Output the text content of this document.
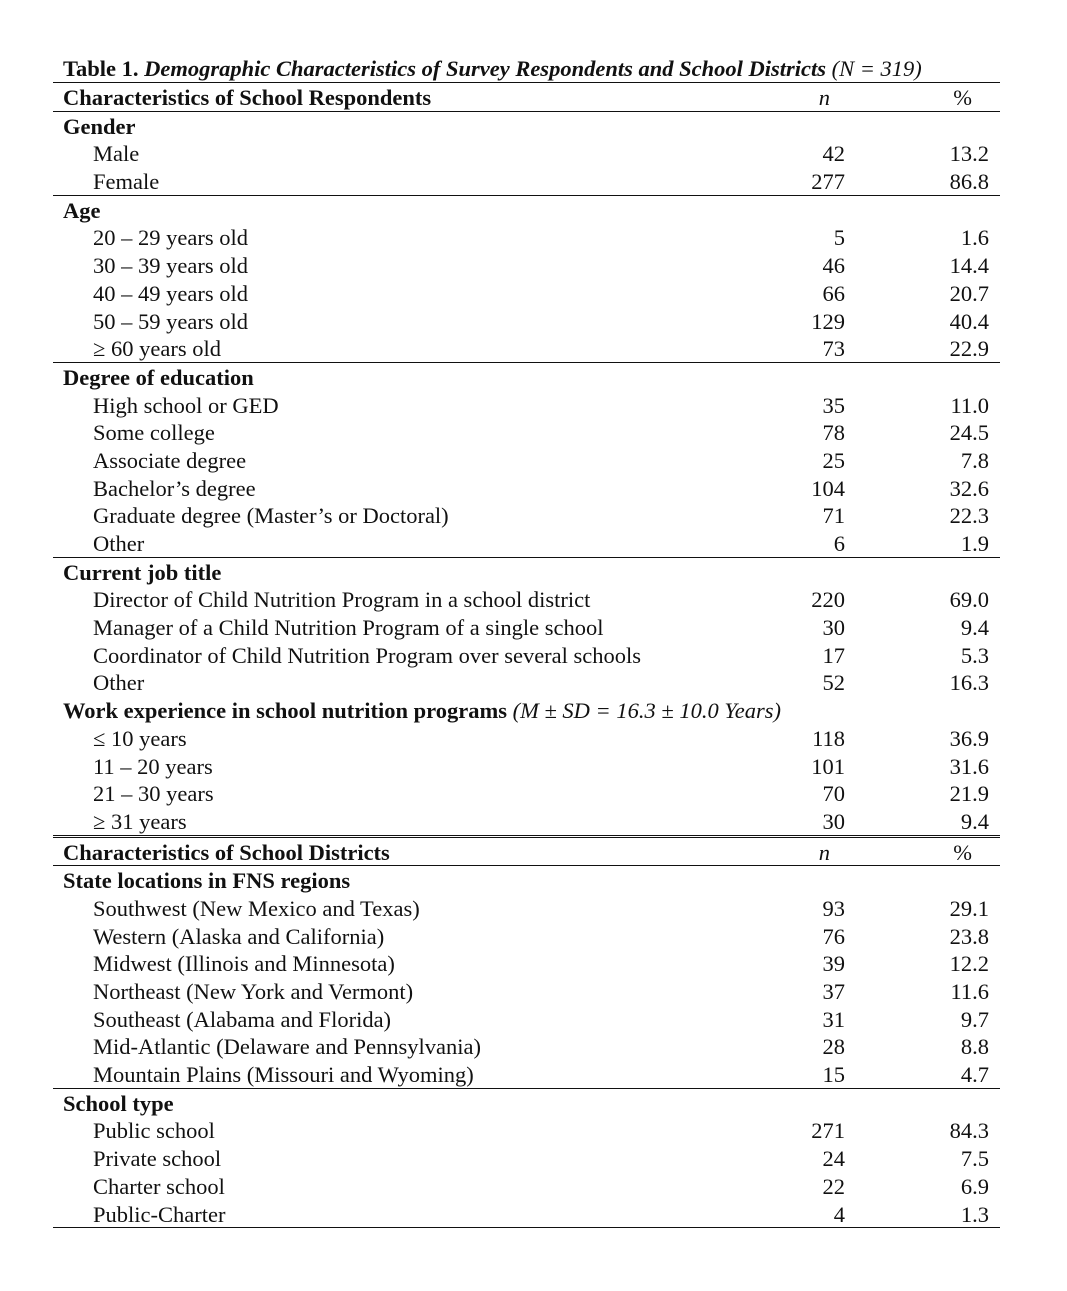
Table 1. Demographic Characteristics of Survey Respondents and School Districts (N = 319)
Characteristics of School Respondents	n	%
Gender
Male	42	13.2
Female	277	86.8
Age
20 – 29 years old	5	1.6
30 – 39 years old	46	14.4
40 – 49 years old	66	20.7
50 – 59 years old	129	40.4
≥ 60 years old	73	22.9
Degree of education
High school or GED	35	11.0
Some college	78	24.5
Associate degree	25	7.8
Bachelor’s degree	104	32.6
Graduate degree (Master’s or Doctoral)	71	22.3
Other	6	1.9
Current job title
Director of Child Nutrition Program in a school district	220	69.0
Manager of a Child Nutrition Program of a single school	30	9.4
Coordinator of Child Nutrition Program over several schools	17	5.3
Other	52	16.3
Work experience in school nutrition programs (M ± SD = 16.3 ± 10.0 Years)
≤ 10 years	118	36.9
11 – 20 years	101	31.6
21 – 30 years	70	21.9
≥ 31 years	30	9.4
Characteristics of School Districts	n	%
State locations in FNS regions
Southwest (New Mexico and Texas)	93	29.1
Western (Alaska and California)	76	23.8
Midwest (Illinois and Minnesota)	39	12.2
Northeast (New York and Vermont)	37	11.6
Southeast (Alabama and Florida)	31	9.7
Mid-Atlantic (Delaware and Pennsylvania)	28	8.8
Mountain Plains (Missouri and Wyoming)	15	4.7
School type
Public school	271	84.3
Private school	24	7.5
Charter school	22	6.9
Public-Charter	4	1.3
